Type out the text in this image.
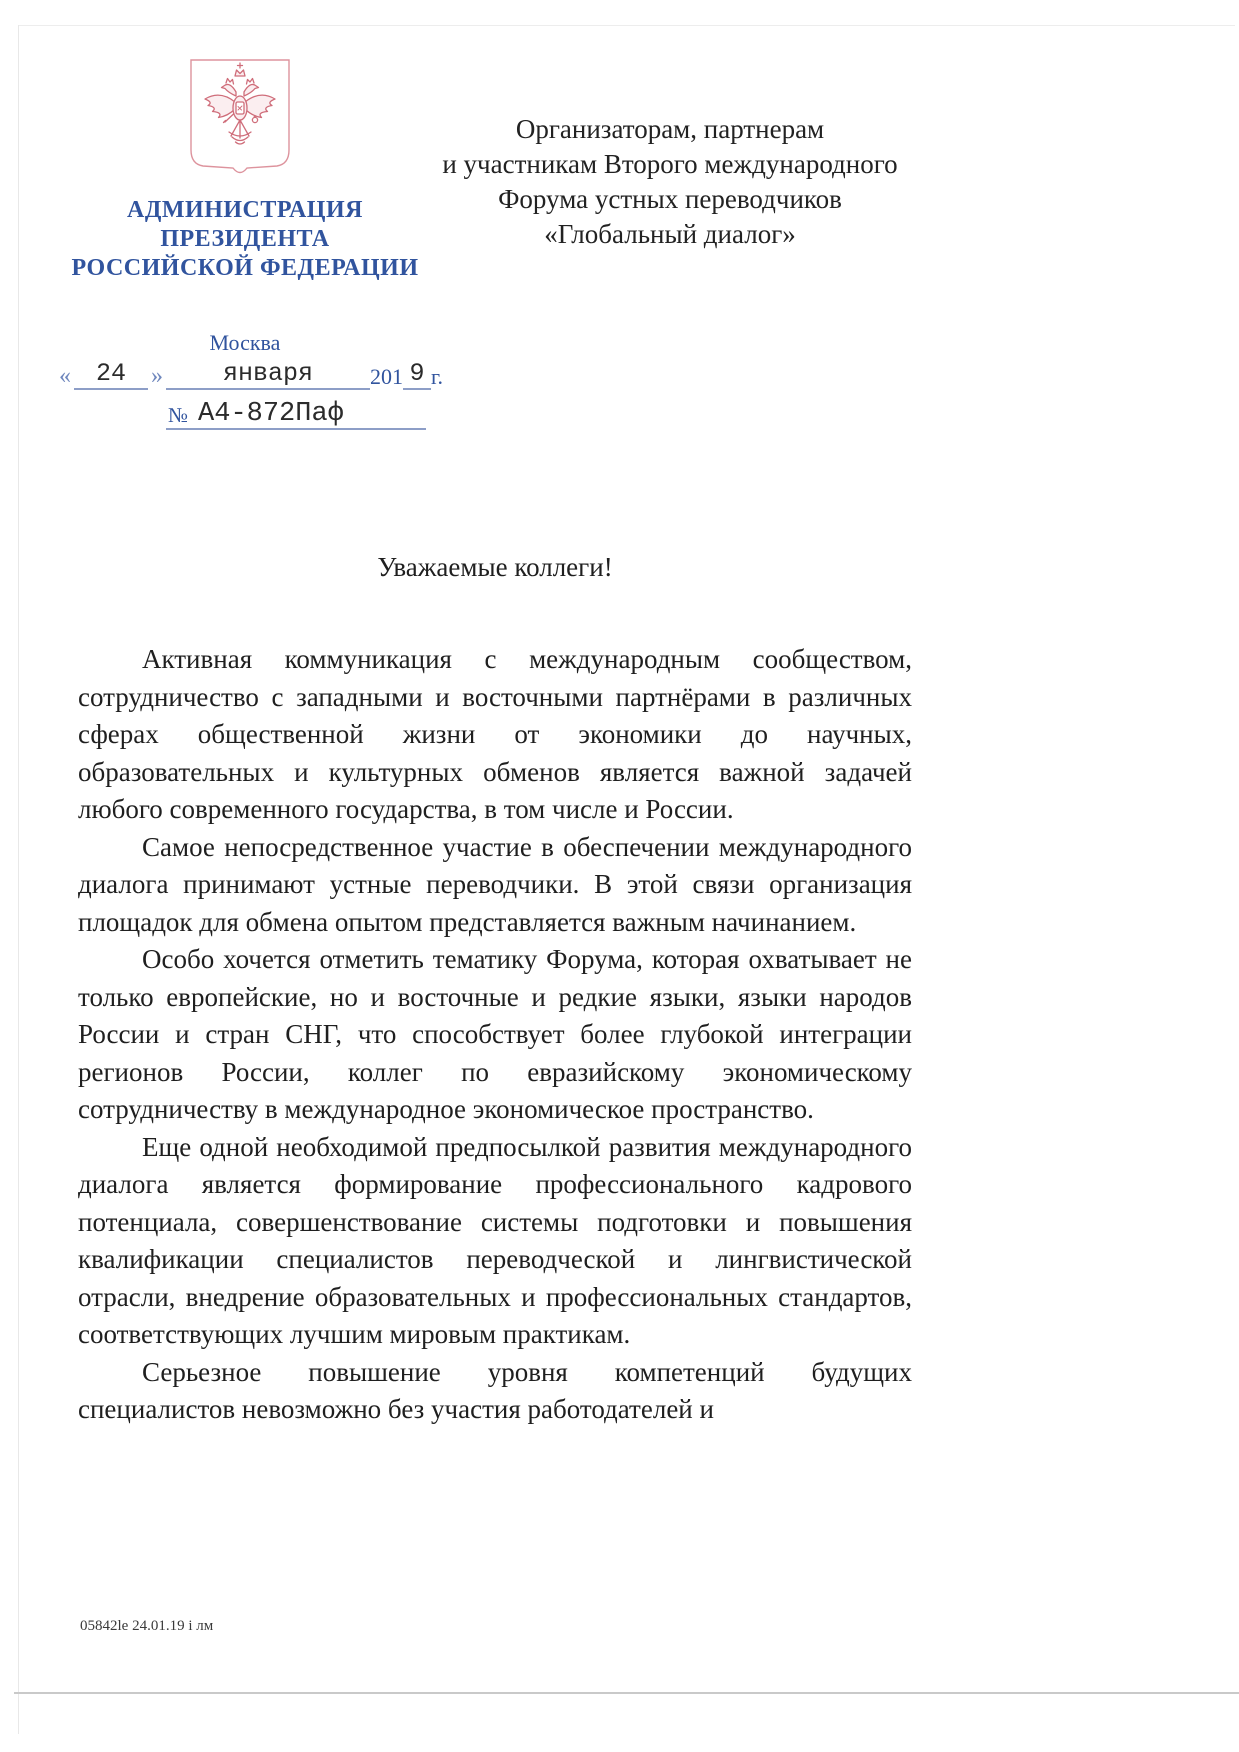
АДМИНИСТРАЦИЯ
ПРЕЗИДЕНТА
РОССИЙСКОЙ ФЕДЕРАЦИИ
Москва
« 24	»	января	201 9 г.
№ А4-872Паф
Организаторам, партнерам
и участникам Второго международного
Форума устных переводчиков
«Глобальный диалог»
Уважаемые коллеги!

Активная коммуникация с международным сообществом, сотрудничество с западными и восточными партнёрами в различных сферах общественной жизни от экономики до научных, образовательных и культурных обменов является важной задачей любого современного государства, в том числе и России.

Самое непосредственное участие в обеспечении международного диалога принимают устные переводчики. В этой связи организация площадок для обмена опытом представляется важным начинанием.

Особо хочется отметить тематику Форума, которая охватывает не только европейские, но и восточные и редкие языки, языки народов России и стран СНГ, что способствует более глубокой интеграции регионов России, коллег по евразийскому экономическому сотрудничеству в международное экономическое пространство.

Еще одной необходимой предпосылкой развития международного диалога является формирование профессионального кадрового потенциала, совершенствование системы подготовки и повышения квалификации специалистов переводческой и лингвистической отрасли, внедрение образовательных и профессиональных стандартов, соответствующих лучшим мировым практикам.

Серьезное повышение уровня компетенций будущих специалистов невозможно без участия работодателей и

05842le 24.01.19 i лм
